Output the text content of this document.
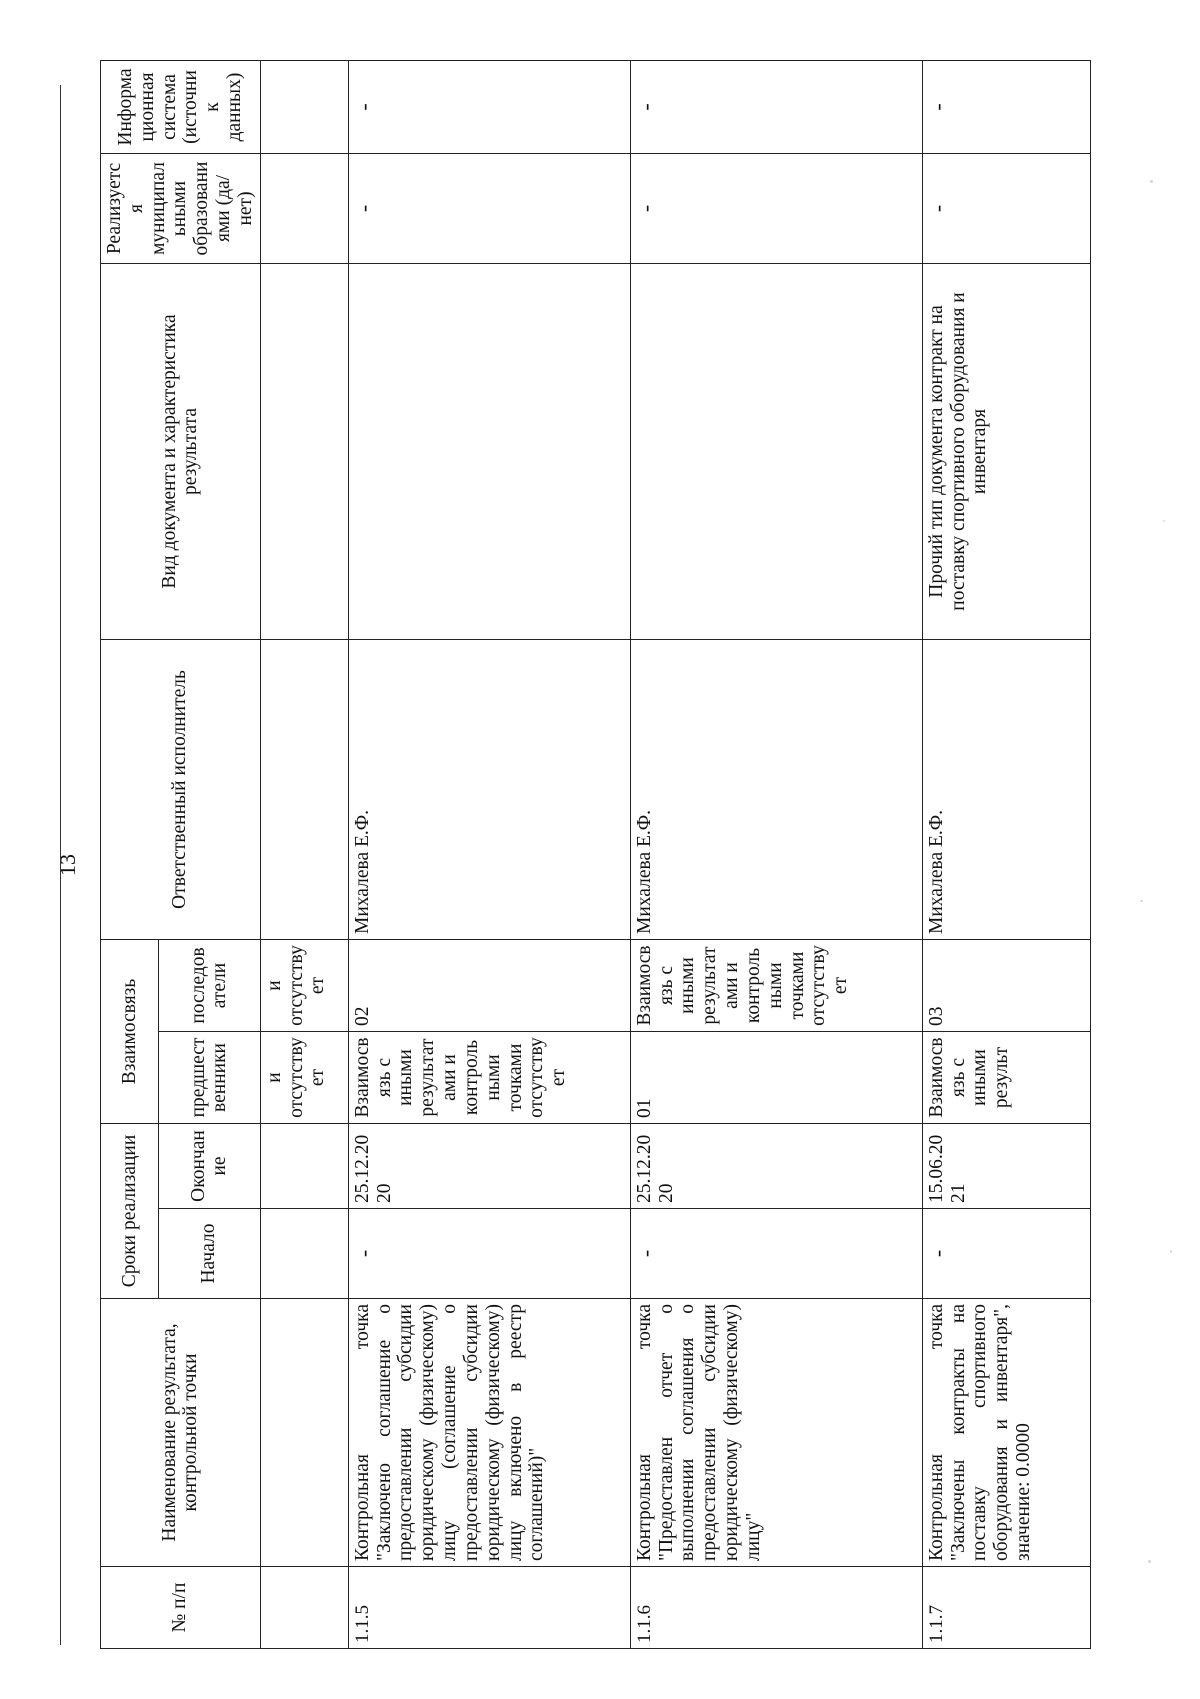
13
№ п/п	Наименование результата, контрольной точки	Сроки реализации		Взаимосвязь		Ответственный исполнитель	Вид документа и характеристика результата	Реализуется муниципальными образованиями (да/нет)	Информационная система (источник данных)
		Начало	Окончание	предшественники	последователи				
				и отсутствует	и отсутствует				
1.1.5	Контрольная точка "Заключено соглашение о предоставлении субсидии юридическому (физическому) лицу (соглашение о предоставлении субсидии юридическому (физическому) лицу включено в реестр соглашений)"	-	25.12.2020	Взаимосвязь с иными результатами и контрольными точками отсутствует	02	Михалева Е.Ф.		-	-
1.1.6	Контрольная точка "Предоставлен отчет о выполнении соглашения о предоставлении субсидии юридическому (физическому) лицу"	-	25.12.2020	01	Взаимосвязь с иными результатами и контрольными точками отсутствует	Михалева Е.Ф.		-	-
1.1.7	Контрольная точка "Заключены контракты на поставку спортивного оборудования и инвентаря", значение: 0.0000	-	15.06.2021	Взаимосвязь с иными результ	03	Михалева Е.Ф.	Прочий тип документа контракт на поставку спортивного оборудования и инвентаря	-	-
